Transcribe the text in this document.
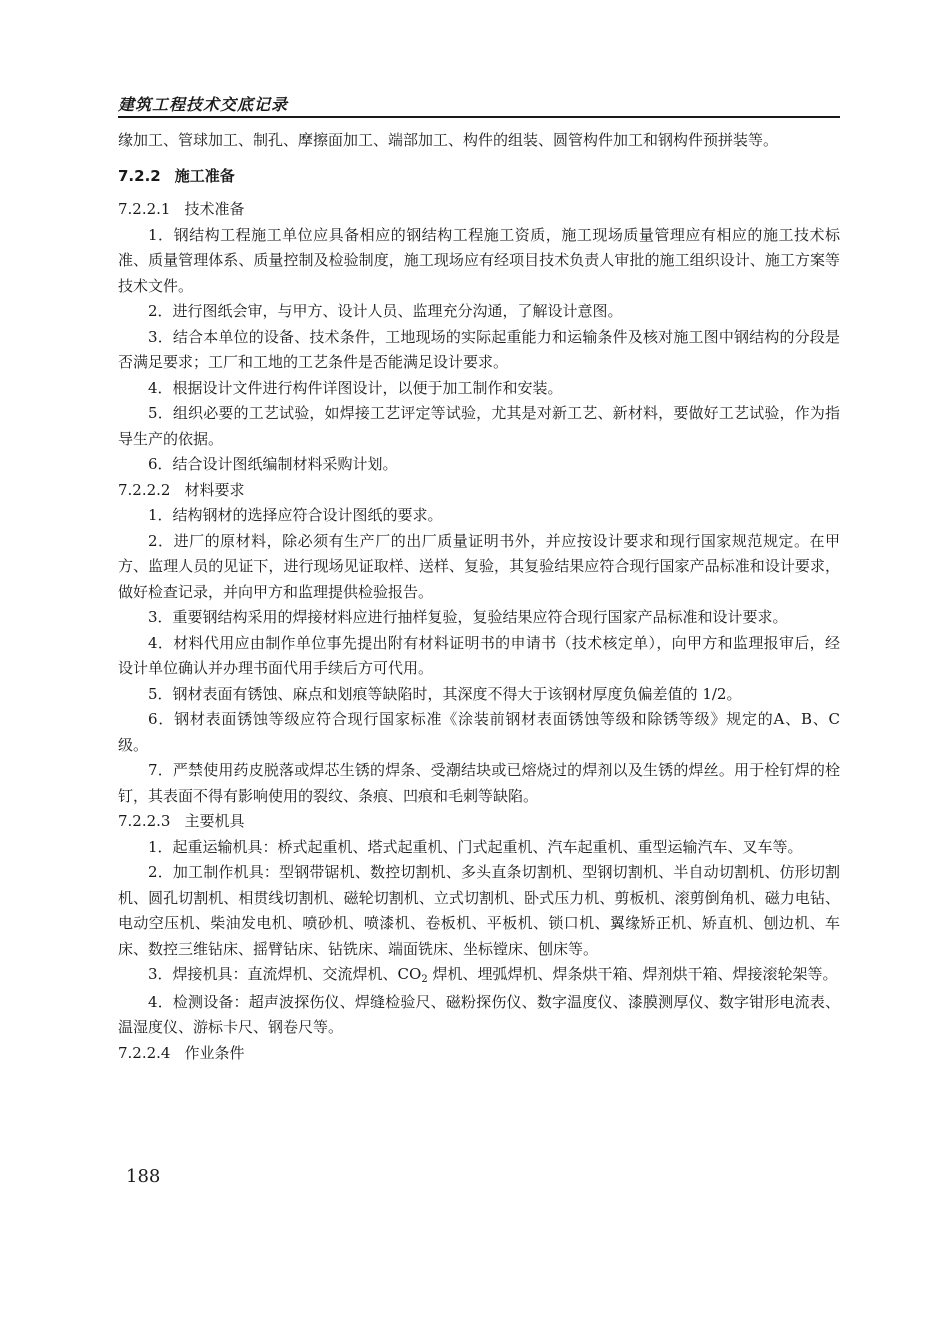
建筑工程技术交底记录

缘加工、管球加工、制孔、摩擦面加工、端部加工、构件的组装、圆管构件加工和钢构件预拼装等。

7.2.2 施工准备

7.2.2.1 技术准备

1．钢结构工程施工单位应具备相应的钢结构工程施工资质，施工现场质量管理应有相应的施工技术标准、质量管理体系、质量控制及检验制度，施工现场应有经项目技术负责人审批的施工组织设计、施工方案等技术文件。

2．进行图纸会审，与甲方、设计人员、监理充分沟通，了解设计意图。

3．结合本单位的设备、技术条件，工地现场的实际起重能力和运输条件及核对施工图中钢结构的分段是否满足要求；工厂和工地的工艺条件是否能满足设计要求。

4．根据设计文件进行构件详图设计，以便于加工制作和安装。

5．组织必要的工艺试验，如焊接工艺评定等试验，尤其是对新工艺、新材料，要做好工艺试验，作为指导生产的依据。

6．结合设计图纸编制材料采购计划。

7.2.2.2 材料要求

1．结构钢材的选择应符合设计图纸的要求。

2．进厂的原材料，除必须有生产厂的出厂质量证明书外，并应按设计要求和现行国家规范规定。在甲方、监理人员的见证下，进行现场见证取样、送样、复验，其复验结果应符合现行国家产品标准和设计要求，做好检查记录，并向甲方和监理提供检验报告。

3．重要钢结构采用的焊接材料应进行抽样复验，复验结果应符合现行国家产品标准和设计要求。

4．材料代用应由制作单位事先提出附有材料证明书的申请书（技术核定单），向甲方和监理报审后，经设计单位确认并办理书面代用手续后方可代用。

5．钢材表面有锈蚀、麻点和划痕等缺陷时，其深度不得大于该钢材厚度负偏差值的 1/2。

6．钢材表面锈蚀等级应符合现行国家标准《涂装前钢材表面锈蚀等级和除锈等级》规定的A、B、C 级。

7．严禁使用药皮脱落或焊芯生锈的焊条、受潮结块或已熔烧过的焊剂以及生锈的焊丝。用于栓钉焊的栓钉，其表面不得有影响使用的裂纹、条痕、凹痕和毛刺等缺陷。

7.2.2.3 主要机具

1．起重运输机具：桥式起重机、塔式起重机、门式起重机、汽车起重机、重型运输汽车、叉车等。

2．加工制作机具：型钢带锯机、数控切割机、多头直条切割机、型钢切割机、半自动切割机、仿形切割机、圆孔切割机、相贯线切割机、磁轮切割机、立式切割机、卧式压力机、剪板机、滚剪倒角机、磁力电钻、电动空压机、柴油发电机、喷砂机、喷漆机、卷板机、平板机、锁口机、翼缘矫正机、矫直机、刨边机、车床、数控三维钻床、摇臂钻床、钻铣床、端面铣床、坐标镗床、刨床等。

3．焊接机具：直流焊机、交流焊机、$CO_2$ 焊机、埋弧焊机、焊条烘干箱、焊剂烘干箱、焊接滚轮架等。

4．检测设备：超声波探伤仪、焊缝检验尺、磁粉探伤仪、数字温度仪、漆膜测厚仪、数字钳形电流表、温湿度仪、游标卡尺、钢卷尺等。

7.2.2.4 作业条件

188
